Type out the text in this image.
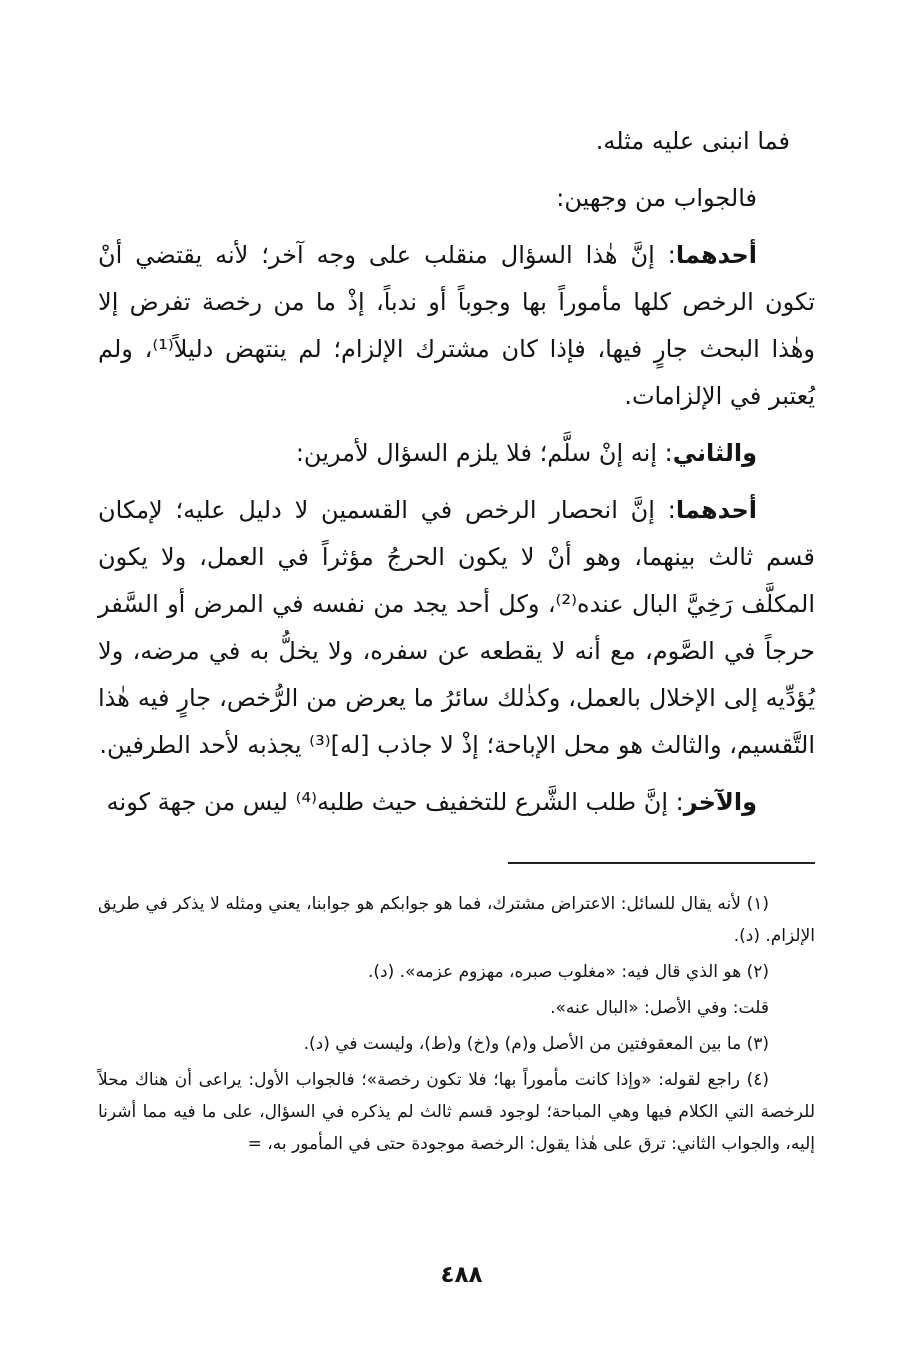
فما انبنى عليه مثله.

فالجواب من وجهين:

أحدهما: إنَّ هٰذا السؤال منقلب على وجه آخر؛ لأنه يقتضي أنْ تكون الرخص كلها مأموراً بها وجوباً أو ندباً، إذْ ما من رخصة تفرض إلا وهٰذا البحث جارٍ فيها، فإذا كان مشترك الإلزام؛ لم ينتهض دليلاً⁽¹⁾، ولم يُعتبر في الإلزامات.

والثاني: إنه إنْ سلَّم؛ فلا يلزم السؤال لأمرين:

أحدهما: إنَّ انحصار الرخص في القسمين لا دليل عليه؛ لإمكان قسم ثالث بينهما، وهو أنْ لا يكون الحرجُ مؤثراً في العمل، ولا يكون المكلَّف رَخِيَّ البال عنده⁽²⁾، وكل أحد يجد من نفسه في المرض أو السَّفر حرجاً في الصَّوم، مع أنه لا يقطعه عن سفره، ولا يخلُّ به في مرضه، ولا يُؤدِّيه إلى الإخلال بالعمل، وكذٰلك سائرُ ما يعرض من الرُّخص، جارٍ فيه هٰذا التَّقسيم، والثالث هو محل الإباحة؛ إذْ لا جاذب [له]⁽³⁾ يجذبه لأحد الطرفين.

والآخر: إنَّ طلب الشَّرع للتخفيف حيث طلبه⁽⁴⁾ ليس من جهة كونه

(١) لأنه يقال للسائل: الاعتراض مشترك، فما هو جوابكم هو جوابنا، يعني ومثله لا يذكر في طريق الإلزام. (د).

(٢) هو الذي قال فيه: «مغلوب صبره، مهزوم عزمه». (د).

قلت: وفي الأصل: «البال عنه».

(٣) ما بين المعقوفتين من الأصل و(م) و(خ) و(ط)، وليست في (د).

(٤) راجع لقوله: «وإذا كانت مأموراً بها؛ فلا تكون رخصة»؛ فالجواب الأول: يراعى أن هناك محلاً للرخصة التي الكلام فيها وهي المباحة؛ لوجود قسم ثالث لم يذكره في السؤال، على ما فيه مما أشرنا إليه، والجواب الثاني: ترق على هٰذا يقول: الرخصة موجودة حتى في المأمور به، =

٤٨٨
